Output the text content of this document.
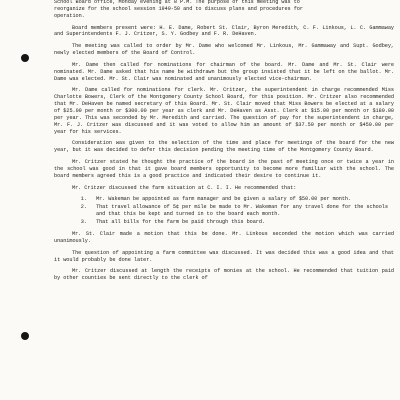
School Board office, Monday evening at 8 P.M. The purpose of this meeting was to
reorganize for the school session 1949-50 and to discuss plans and procedures for
operation.

Board members present were: H. E. Dame, Robert St. Clair, Byron Meredith, C. F. Linkous, L. C. Gammaway and Superintendents F. J. Critzer, S. Y. Godbey and F. R. DeHaven.

The meeting was called to order by Mr. Dame who welcomed Mr. Linkous, Mr. Gammaway and Supt. Godbey, newly elected members of the Board of Control.

Mr. Dame then called for nominations for chairman of the board. Mr. Dame and Mr. St. Clair were nominated. Mr. Dame asked that his name be withdrawn but the group insisted that it be left on the ballot. Mr. Dame was elected. Mr. St. Clair was nominated and unanimously elected vice-chairman.

Mr. Dame called for nominations for clerk. Mr. Critzer, the superintendent in charge recommended Miss Charlotte Bowers, Clerk of the Montgomery County School Board, for this position. Mr. Critzer also recommended that Mr. DeHaven be named secretary of this Board. Mr. St. Clair moved that Miss Bowers be elected at a salary of $25.00 per month or $300.00 per year as clerk and Mr. DeHaven as Asst. Clerk at $15.00 per month or $180.00 per year. This was seconded by Mr. Meredith and carried. The question of pay for the superintendent in charge, Mr. F. J. Critzer was discussed and it was voted to allow him an amount of $37.50 per month or $450.00 per year for his services.

Consideration was given to the selection of the time and place for meetings of the board for the new year, but it was decided to defer this decision pending the meeting time of the Montgomery County Board.

Mr. Critzer stated he thought the practice of the board in the past of meeting once or twice a year in the school was good in that it gave board members opportunity to become more familiar with the school. The board members agreed this is a good practice and indicated their desire to continue it.

Mr. Critzer discussed the farm situation at C. I. I. He recommended that:

1. Mr. Wakeman be appointed as farm manager and be given a salary of $50.00 per month.
2. That travel allowance of 5¢ per mile be made to Mr. Wakeman for any travel done for the schools and that this be kept and turned in to the board each month.
3. That all bills for the farm be paid through this board.

Mr. St. Clair made a motion that this be done. Mr. Linkous seconded the motion which was carried unanimously.

The question of appointing a farm committee was discussed. It was decided this was a good idea and that it would probably be done later.

Mr. Critzer discussed at length the receipts of monies at the school. He recommended that tuition paid by other counties be sent directly to the clerk of
